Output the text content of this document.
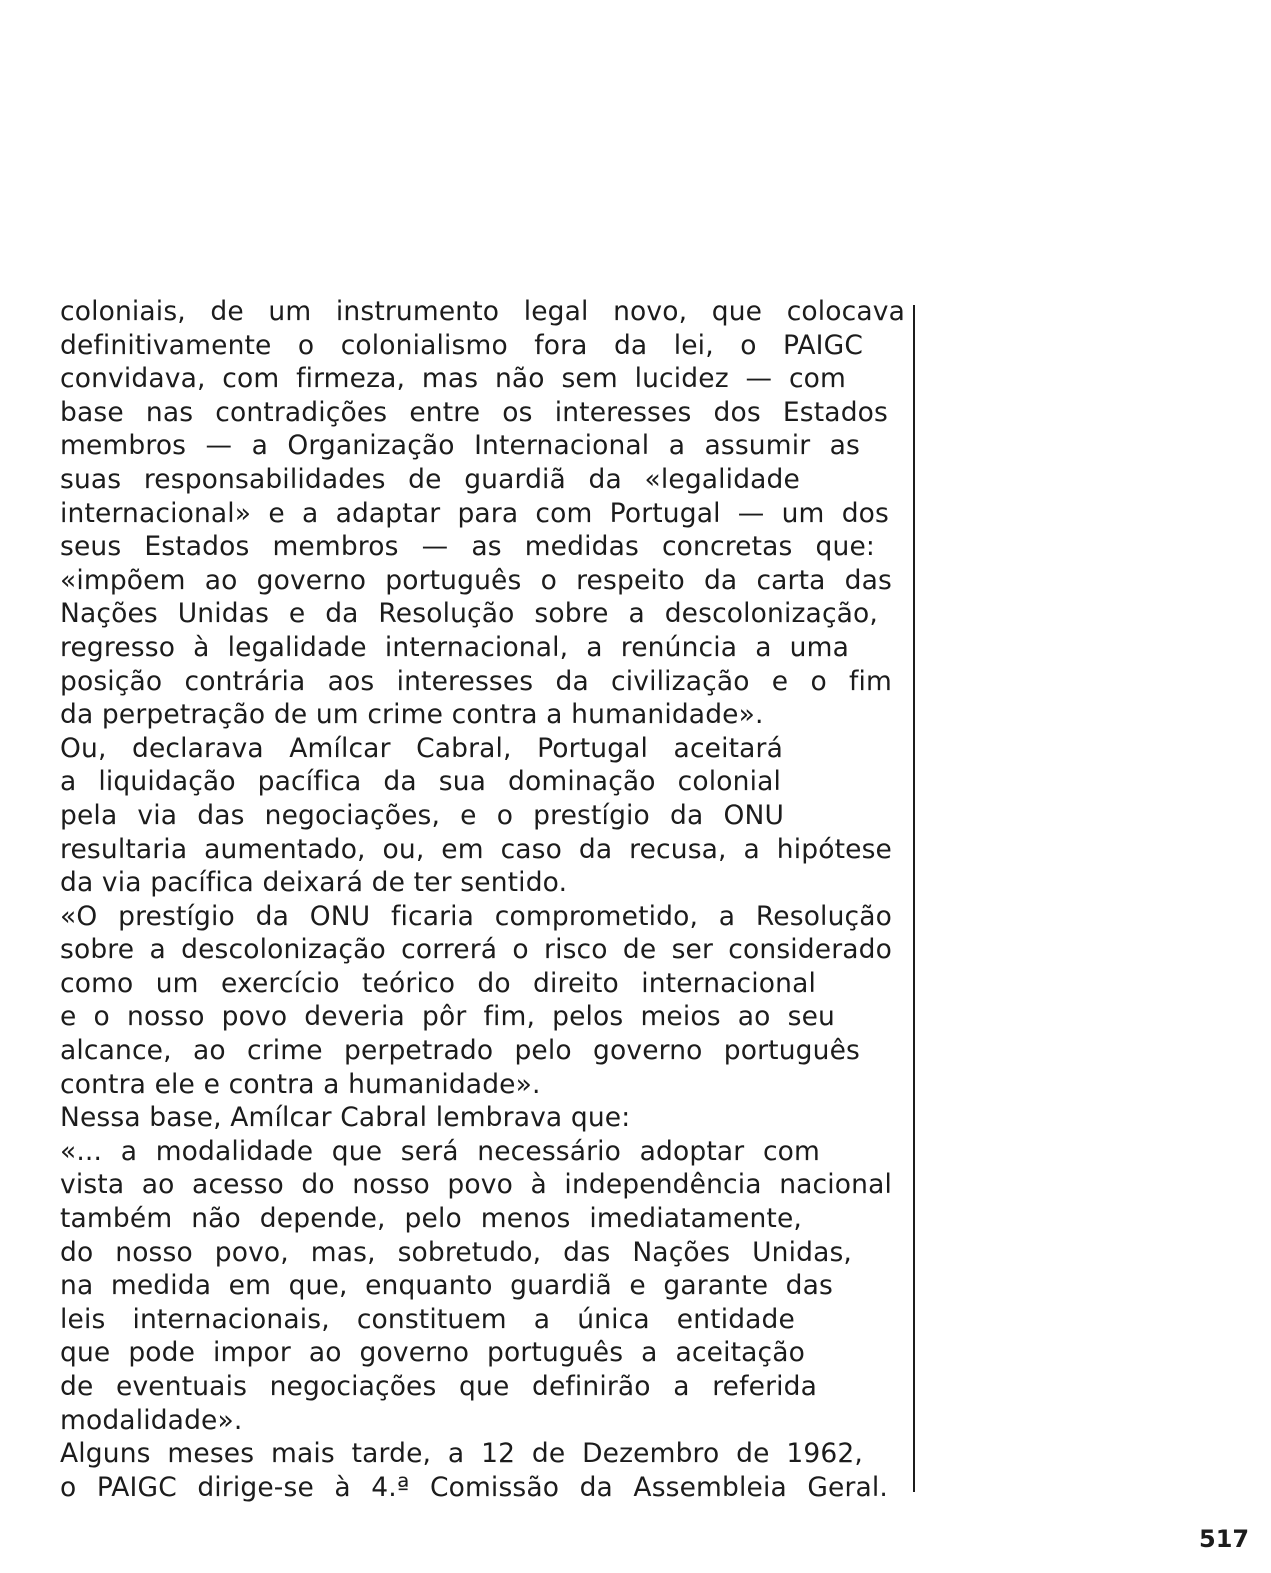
coloniais, de um instrumento legal novo, que colocava
definitivamente o colonialismo fora da lei, o PAIGC
convidava, com firmeza, mas não sem lucidez — com
base nas contradições entre os interesses dos Estados
membros — a Organização Internacional a assumir as
suas responsabilidades de guardiã da «legalidade
internacional» e a adaptar para com Portugal — um dos
seus Estados membros — as medidas concretas que:
«impõem ao governo português o respeito da carta das
Nações Unidas e da Resolução sobre a descolonização,
regresso à legalidade internacional, a renúncia a uma
posição contrária aos interesses da civilização e o fim
da perpetração de um crime contra a humanidade».
Ou, declarava Amílcar Cabral, Portugal aceitará
a liquidação pacífica da sua dominação colonial
pela via das negociações, e o prestígio da ONU
resultaria aumentado, ou, em caso da recusa, a hipótese
da via pacífica deixará de ter sentido.
«O prestígio da ONU ficaria comprometido, a Resolução
sobre a descolonização correrá o risco de ser considerado
como um exercício teórico do direito internacional
e o nosso povo deveria pôr fim, pelos meios ao seu
alcance, ao crime perpetrado pelo governo português
contra ele e contra a humanidade».
Nessa base, Amílcar Cabral lembrava que:
«... a modalidade que será necessário adoptar com
vista ao acesso do nosso povo à independência nacional
também não depende, pelo menos imediatamente,
do nosso povo, mas, sobretudo, das Nações Unidas,
na medida em que, enquanto guardiã e garante das
leis internacionais, constituem a única entidade
que pode impor ao governo português a aceitação
de eventuais negociações que definirão a referida
modalidade».
Alguns meses mais tarde, a 12 de Dezembro de 1962,
o PAIGC dirige-se à 4.ª Comissão da Assembleia Geral.
517
